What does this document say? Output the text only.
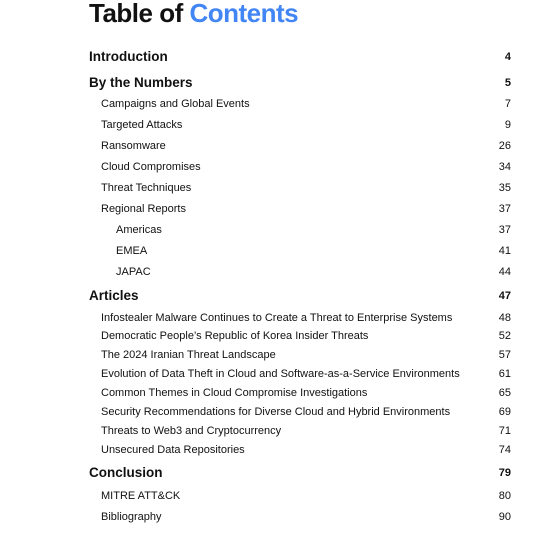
Table of Contents
Introduction	4
By the Numbers	5
Campaigns and Global Events	7
Targeted Attacks	9
Ransomware	26
Cloud Compromises	34
Threat Techniques	35
Regional Reports	37
Americas	37
EMEA	41
JAPAC	44
Articles	47
Infostealer Malware Continues to Create a Threat to Enterprise Systems	48
Democratic People’s Republic of Korea Insider Threats	52
The 2024 Iranian Threat Landscape	57
Evolution of Data Theft in Cloud and Software-as-a-Service Environments	61
Common Themes in Cloud Compromise Investigations	65
Security Recommendations for Diverse Cloud and Hybrid Environments	69
Threats to Web3 and Cryptocurrency	71
Unsecured Data Repositories	74
Conclusion	79
MITRE ATT&CK	80
Bibliography	90
